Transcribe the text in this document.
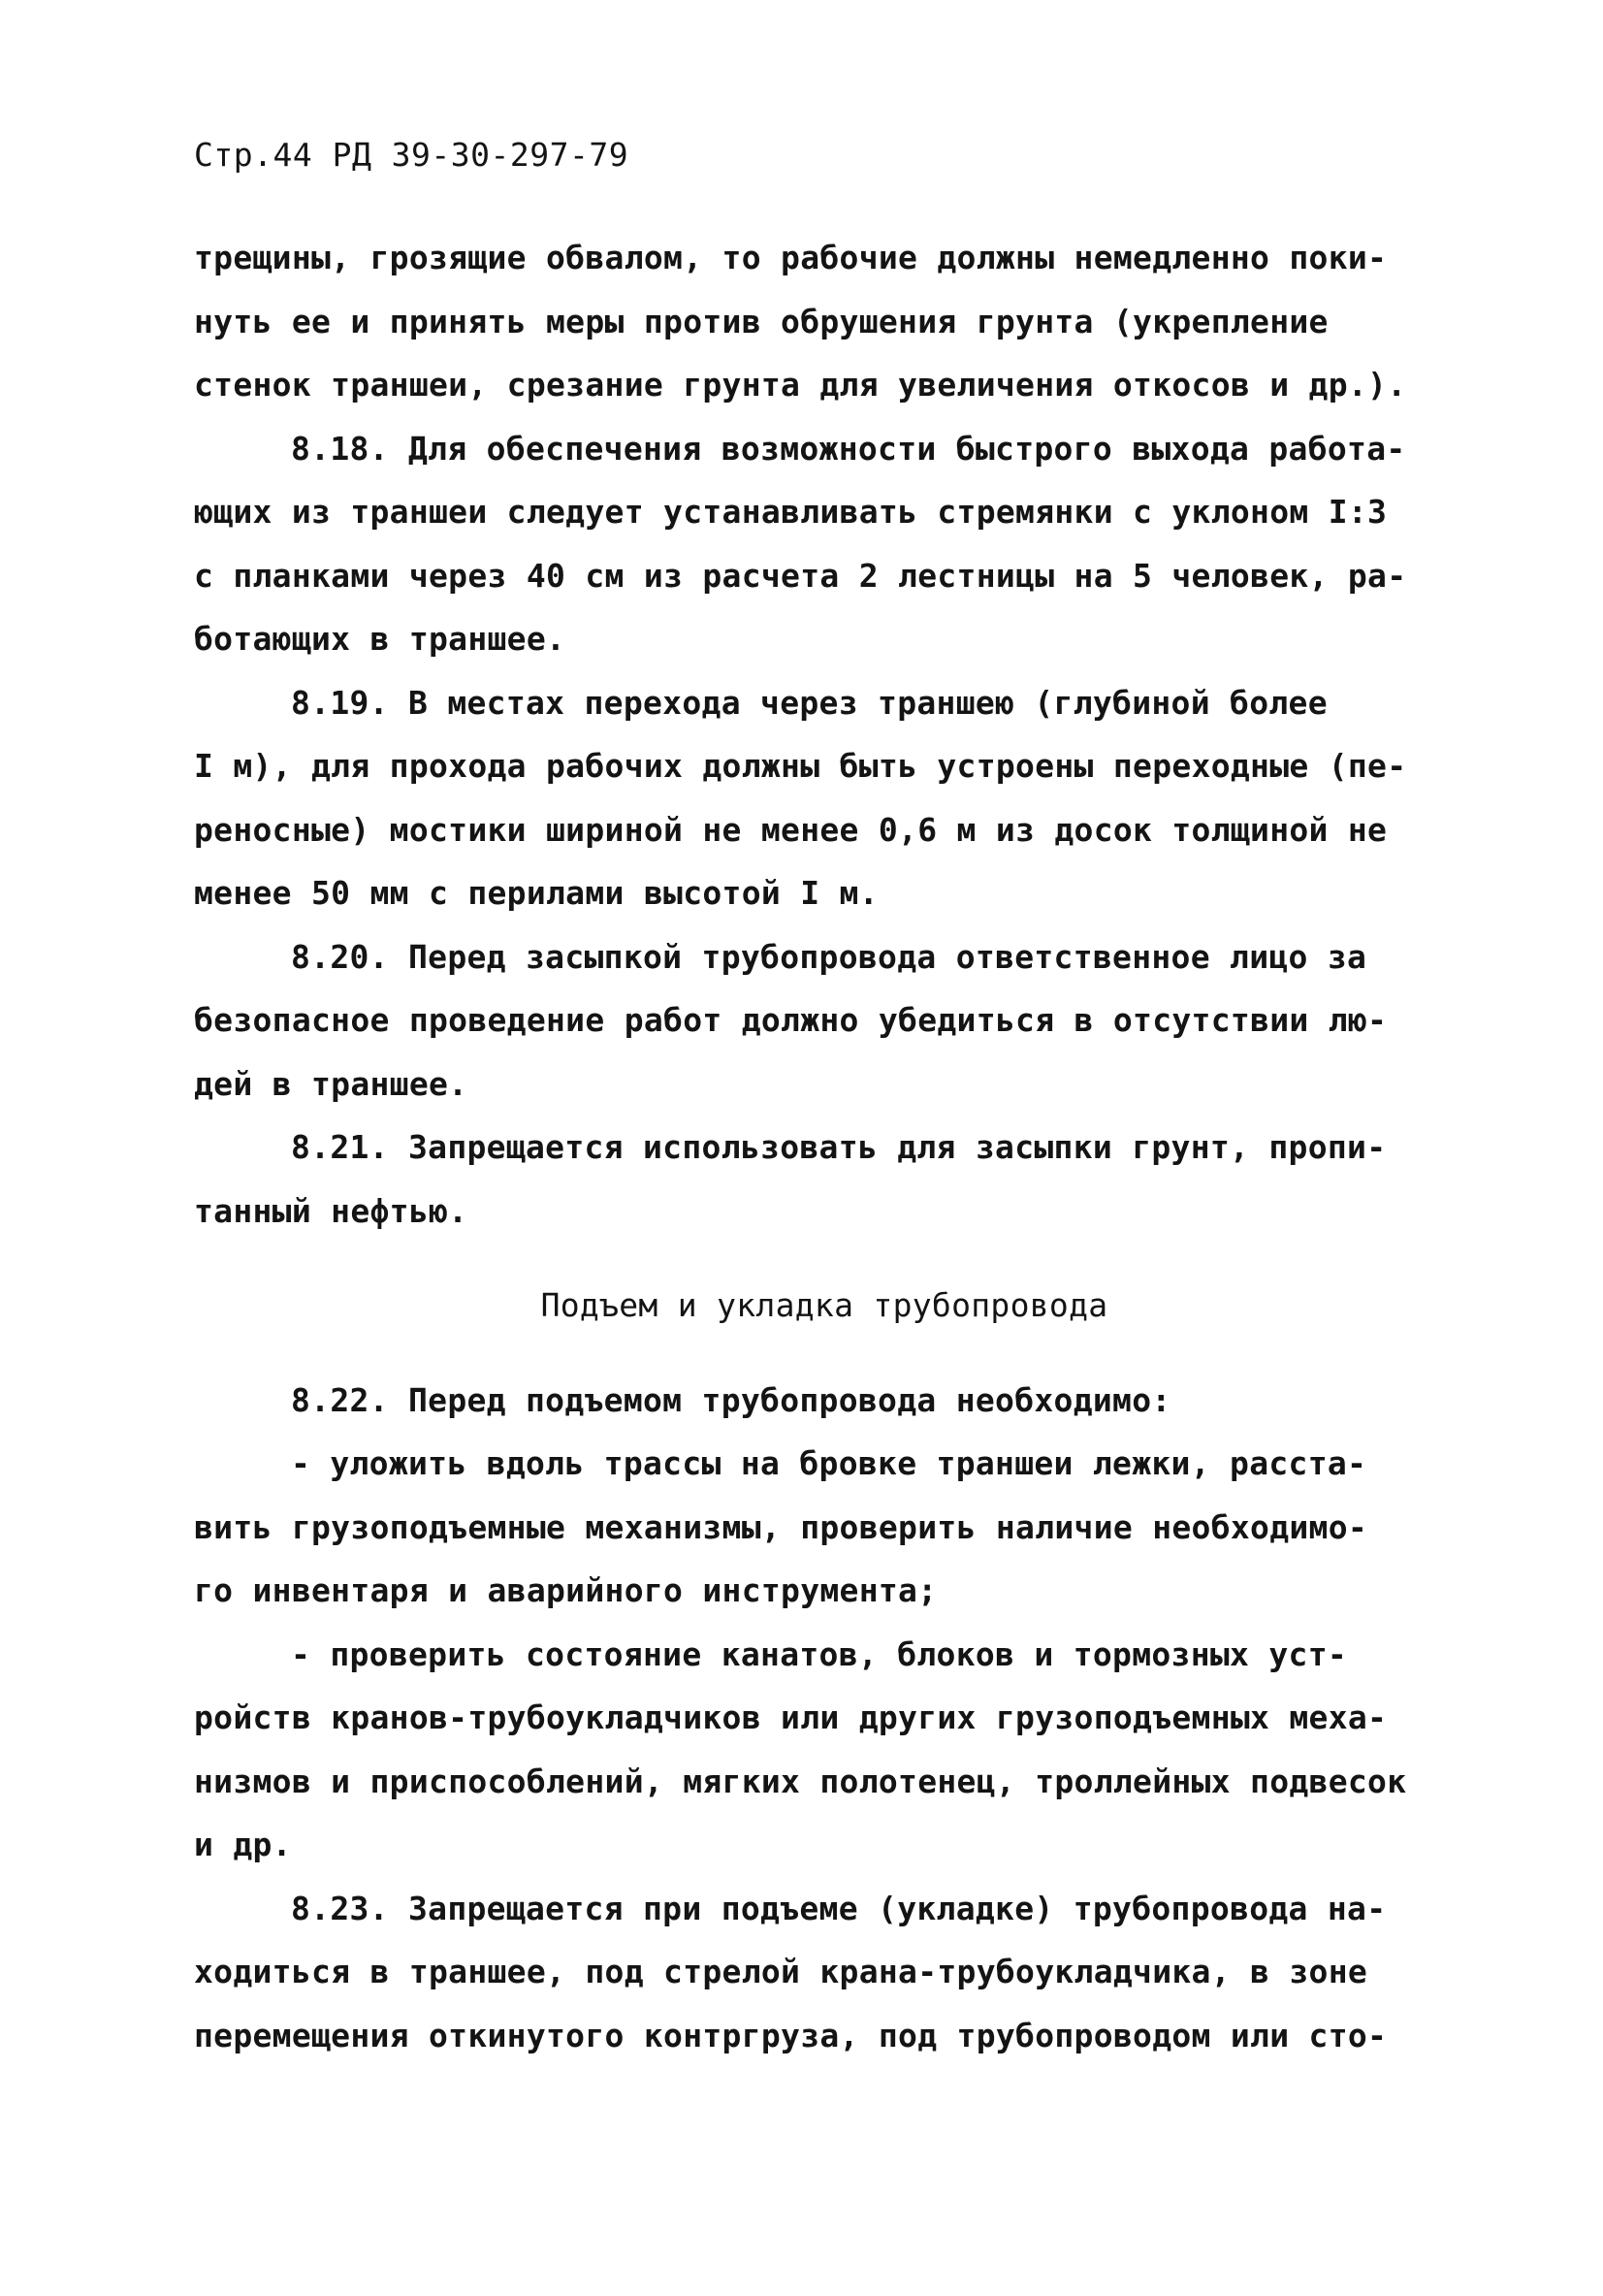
Стр.44 РД 39-30-297-79
трещины, грозящие обвалом, то рабочие должны немедленно поки-
нуть ее и принять меры против обрушения грунта (укрепление
стенок траншеи, срезание грунта для увеличения откосов и др.).
8.18. Для обеспечения возможности быстрого выхода работа-
ющих из траншеи следует устанавливать стремянки с уклоном I:3
с планками через 40 см из расчета 2 лестницы на 5 человек, ра-
ботающих в траншее.
8.19. В местах перехода через траншею (глубиной более
I м), для прохода рабочих должны быть устроены переходные (пе-
реносные) мостики шириной не менее 0,6 м из досок толщиной не
менее 50 мм с перилами высотой I м.
8.20. Перед засыпкой трубопровода ответственное лицо за
безопасное проведение работ должно убедиться в отсутствии лю-
дей в траншее.
8.21. Запрещается использовать для засыпки грунт, пропи-
танный нефтью.
Подъем и укладка трубопровода
8.22. Перед подъемом трубопровода необходимо:
- уложить вдоль трассы на бровке траншеи лежки, расста-
вить грузоподъемные механизмы, проверить наличие необходимо-
го инвентаря и аварийного инструмента;
- проверить состояние канатов, блоков и тормозных уст-
ройств кранов-трубоукладчиков или других грузоподъемных меха-
низмов и приспособлений, мягких полотенец, троллейных подвесок
и др.
8.23. Запрещается при подъеме (укладке) трубопровода на-
ходиться в траншее, под стрелой крана-трубоукладчика, в зоне
перемещения откинутого контргруза, под трубопроводом или сто-
